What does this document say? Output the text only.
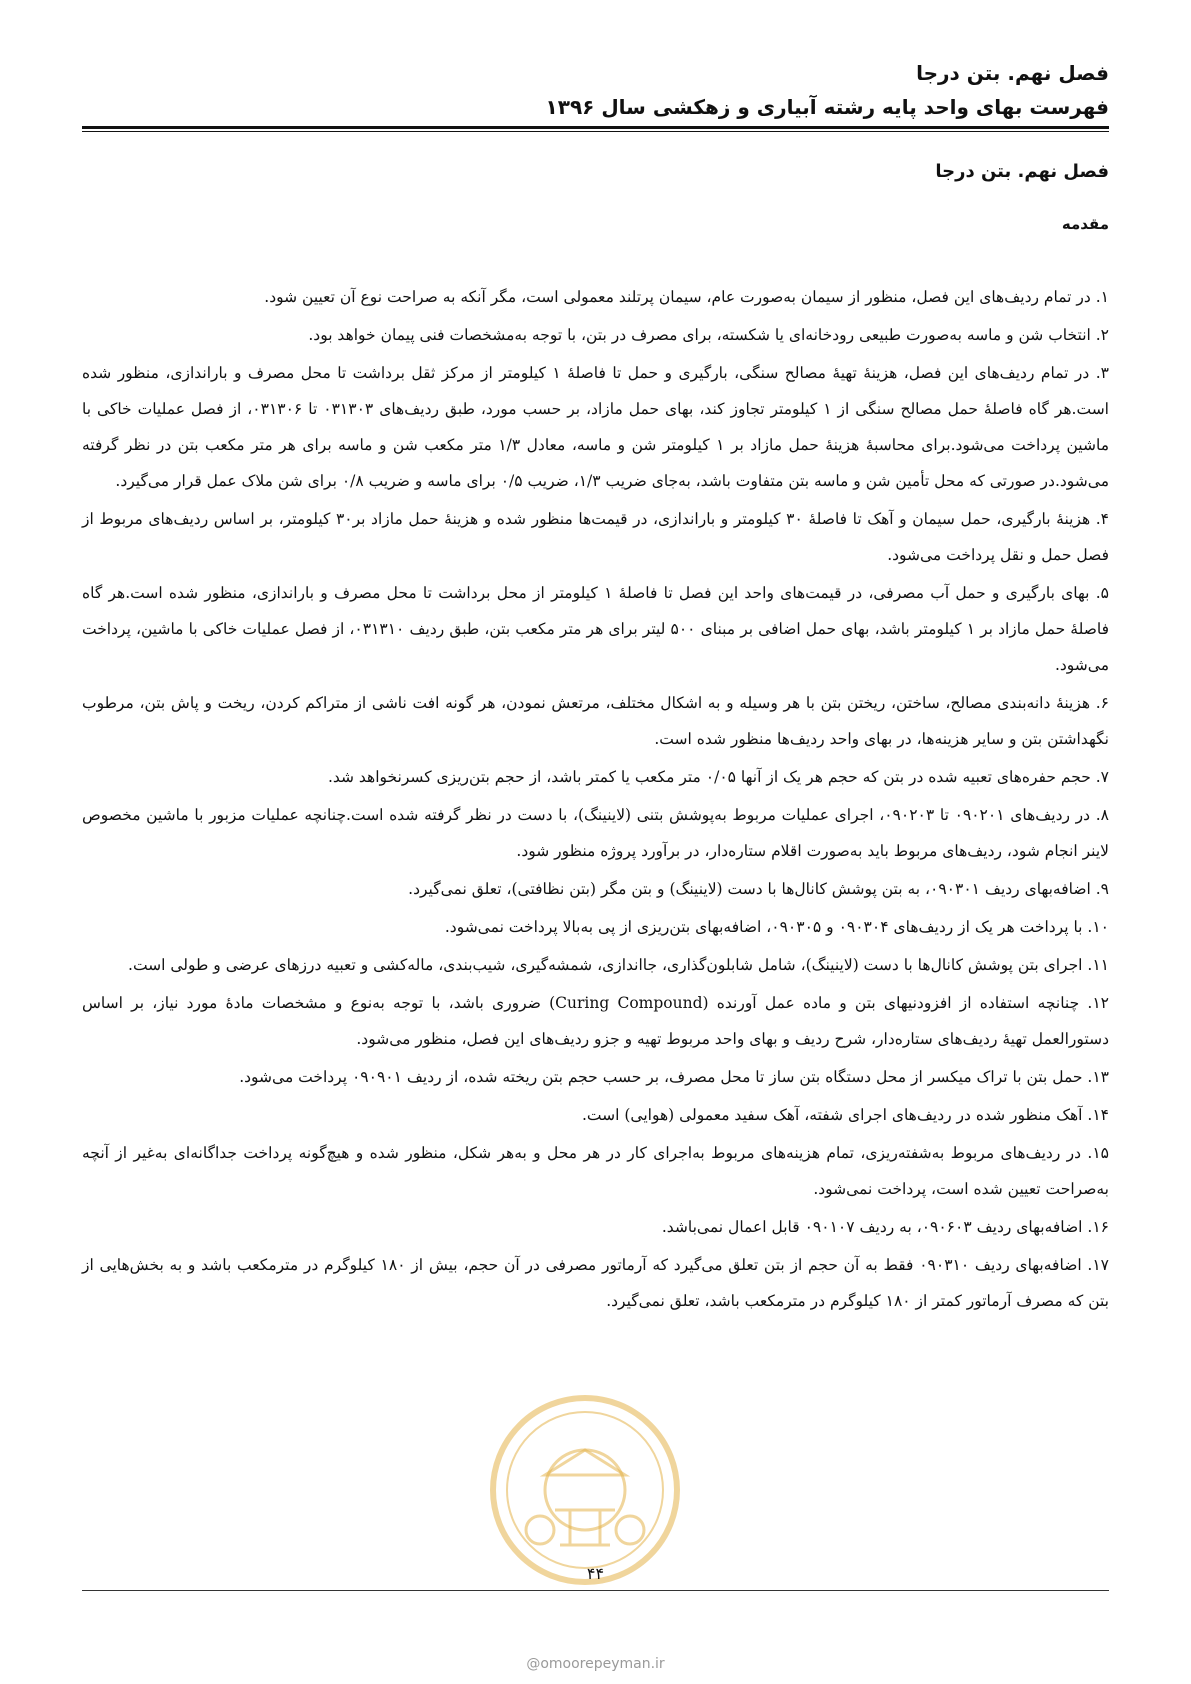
فصل نهم. بتن درجا
فهرست بهای واحد پایه رشته آبیاری و زهکشی سال ۱۳۹۶
فصل نهم. بتن درجا
مقدمه

۱. در تمام ردیف‌های این فصل، منظور از سیمان به‌صورت عام، سیمان پرتلند معمولی است، مگر آنکه به صراحت نوع آن تعیین شود.

۲. انتخاب شن و ماسه به‌صورت طبیعی رودخانه‌ای یا شکسته، برای مصرف در بتن، با توجه به‌مشخصات فنی پیمان خواهد بود.

۳. در تمام ردیف‌های این فصل، هزینهٔ تهیهٔ مصالح سنگی، بارگیری و حمل تا فاصلهٔ ۱ کیلومتر از مرکز ثقل برداشت تا محل مصرف و باراندازی، منظور شده است.هر گاه فاصلهٔ حمل مصالح سنگی از ۱ کیلومتر تجاوز کند، بهای حمل مازاد، بر حسب مورد، طبق ردیف‌های ۰۳۱۳۰۳ تا ۰۳۱۳۰۶، از فصل عملیات خاکی با ماشین پرداخت می‌شود.برای محاسبهٔ هزینهٔ حمل مازاد بر ۱ کیلومتر شن و ماسه، معادل ۱/۳ متر مکعب شن و ماسه برای هر متر مکعب بتن در نظر گرفته می‌شود.در صورتی که محل تأمین شن و ماسه بتن متفاوت باشد، به‌جای ضریب ۱/۳، ضریب ۰/۵ برای ماسه و ضریب ۰/۸ برای شن ملاک عمل قرار می‌گیرد.

۴. هزینهٔ بارگیری، حمل سیمان و آهک تا فاصلهٔ ۳۰ کیلومتر و باراندازی، در قیمت‌ها منظور شده و هزینهٔ حمل مازاد بر۳۰ کیلومتر، بر اساس ردیف‌های مربوط از فصل حمل و نقل پرداخت می‌شود.

۵. بهای بارگیری و حمل آب مصرفی، در قیمت‌های واحد این فصل تا فاصلهٔ ۱ کیلومتر از محل برداشت تا محل مصرف و باراندازی، منظور شده است.هر گاه فاصلهٔ حمل مازاد بر ۱ کیلومتر باشد، بهای حمل اضافی بر مبنای ۵۰۰ لیتر برای هر متر مکعب بتن، طبق ردیف ۰۳۱۳۱۰، از فصل عملیات خاکی با ماشین، پرداخت می‌شود.

۶. هزینهٔ دانه‌بندی مصالح، ساختن، ریختن بتن با هر وسیله و به اشکال مختلف، مرتعش نمودن، هر گونه افت ناشی از متراکم کردن، ریخت و پاش بتن، مرطوب نگهداشتن بتن و سایر هزینه‌ها، در بهای واحد ردیف‌ها منظور شده است.

۷. حجم حفره‌های تعبیه شده در بتن که حجم هر یک از آنها ۰/۰۵ متر مکعب یا کمتر باشد، از حجم بتن‌ریزی کسرنخواهد شد.

۸. در ردیف‌های ۰۹۰۲۰۱ تا ۰۹۰۲۰۳، اجرای عملیات مربوط به‌پوشش بتنی (لاینینگ)، با دست در نظر گرفته شده است.چنانچه عملیات مزبور با ماشین مخصوص لاینر انجام شود، ردیف‌های مربوط باید به‌صورت اقلام ستاره‌دار، در برآورد پروژه منظور شود.

۹. اضافه‌بهای ردیف ۰۹۰۳۰۱، به بتن پوشش کانال‌ها با دست (لاینینگ) و بتن مگر (بتن نظافتی)، تعلق نمی‌گیرد.

۱۰. با پرداخت هر یک از ردیف‌های ۰۹۰۳۰۴ و ۰۹۰۳۰۵، اضافه‌بهای بتن‌ریزی از پی به‌بالا پرداخت نمی‌شود.

۱۱. اجرای بتن پوشش کانال‌ها با دست (لاینینگ)، شامل شابلون‌گذاری، جااندازی، شمشه‌گیری، شیب‌بندی، ماله‌کشی و تعبیه درزهای عرضی و طولی است.

۱۲. چنانچه استفاده از افزودنیهای بتن و ماده عمل آورنده (Curing Compound) ضروری باشد، با توجه به‌نوع و مشخصات مادهٔ مورد نیاز، بر اساس دستورالعمل تهیهٔ ردیف‌های ستاره‌دار، شرح ردیف و بهای واحد مربوط تهیه و جزو ردیف‌های این فصل، منظور می‌شود.

۱۳. حمل بتن با تراک میکسر از محل دستگاه بتن ساز تا محل مصرف، بر حسب حجم بتن ریخته شده، از ردیف ۰۹۰۹۰۱ پرداخت می‌شود.

۱۴. آهک منظور شده در ردیف‌های اجرای شفته، آهک سفید معمولی (هوایی) است.

۱۵. در ردیف‌های مربوط به‌شفته‌ریزی، تمام هزینه‌های مربوط به‌اجرای کار در هر محل و به‌هر شکل، منظور شده و هیچ‌گونه پرداخت جداگانه‌ای به‌غیر از آنچه به‌صراحت تعیین شده است، پرداخت نمی‌شود.

۱۶. اضافه‌بهای ردیف ۰۹۰۶۰۳، به ردیف ۰۹۰۱۰۷ قابل اعمال نمی‌باشد.

۱۷. اضافه‌بهای ردیف ۰۹۰۳۱۰ فقط به آن حجم از بتن تعلق می‌گیرد که آرماتور مصرفی در آن حجم، بیش از ۱۸۰ کیلوگرم در مترمکعب باشد و به بخش‌هایی از بتن که مصرف آرماتور کمتر از ۱۸۰ کیلوگرم در مترمکعب باشد، تعلق نمی‌گیرد.

۴۴
@omoorepeyman.ir
